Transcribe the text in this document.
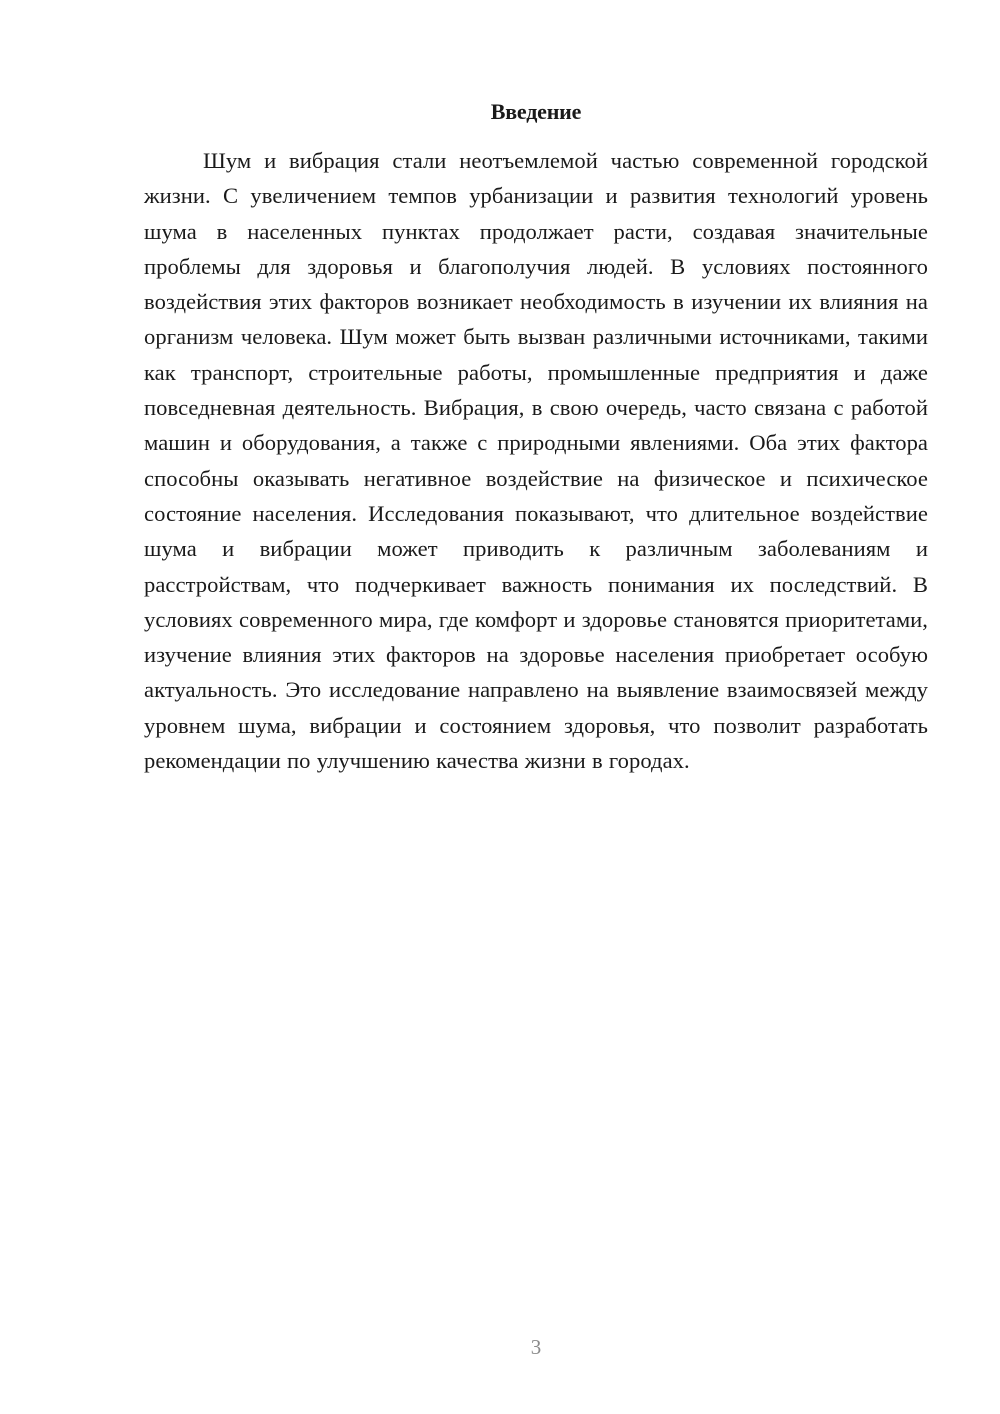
Введение

Шум и вибрация стали неотъемлемой частью современной городской жизни. С увеличением темпов урбанизации и развития технологий уровень шума в населенных пунктах продолжает расти, создавая значительные проблемы для здоровья и благополучия людей. В условиях постоянного воздействия этих факторов возникает необходимость в изучении их влияния на организм человека. Шум может быть вызван различными источниками, такими как транспорт, строительные работы, промышленные предприятия и даже повседневная деятельность. Вибрация, в свою очередь, часто связана с работой машин и оборудования, а также с природными явлениями. Оба этих фактора способны оказывать негативное воздействие на физическое и психическое состояние населения. Исследования показывают, что длительное воздействие шума и вибрации может приводить к различным заболеваниям и расстройствам, что подчеркивает важность понимания их последствий. В условиях современного мира, где комфорт и здоровье становятся приоритетами, изучение влияния этих факторов на здоровье населения приобретает особую актуальность. Это исследование направлено на выявление взаимосвязей между уровнем шума, вибрации и состоянием здоровья, что позволит разработать рекомендации по улучшению качества жизни в городах.

3
